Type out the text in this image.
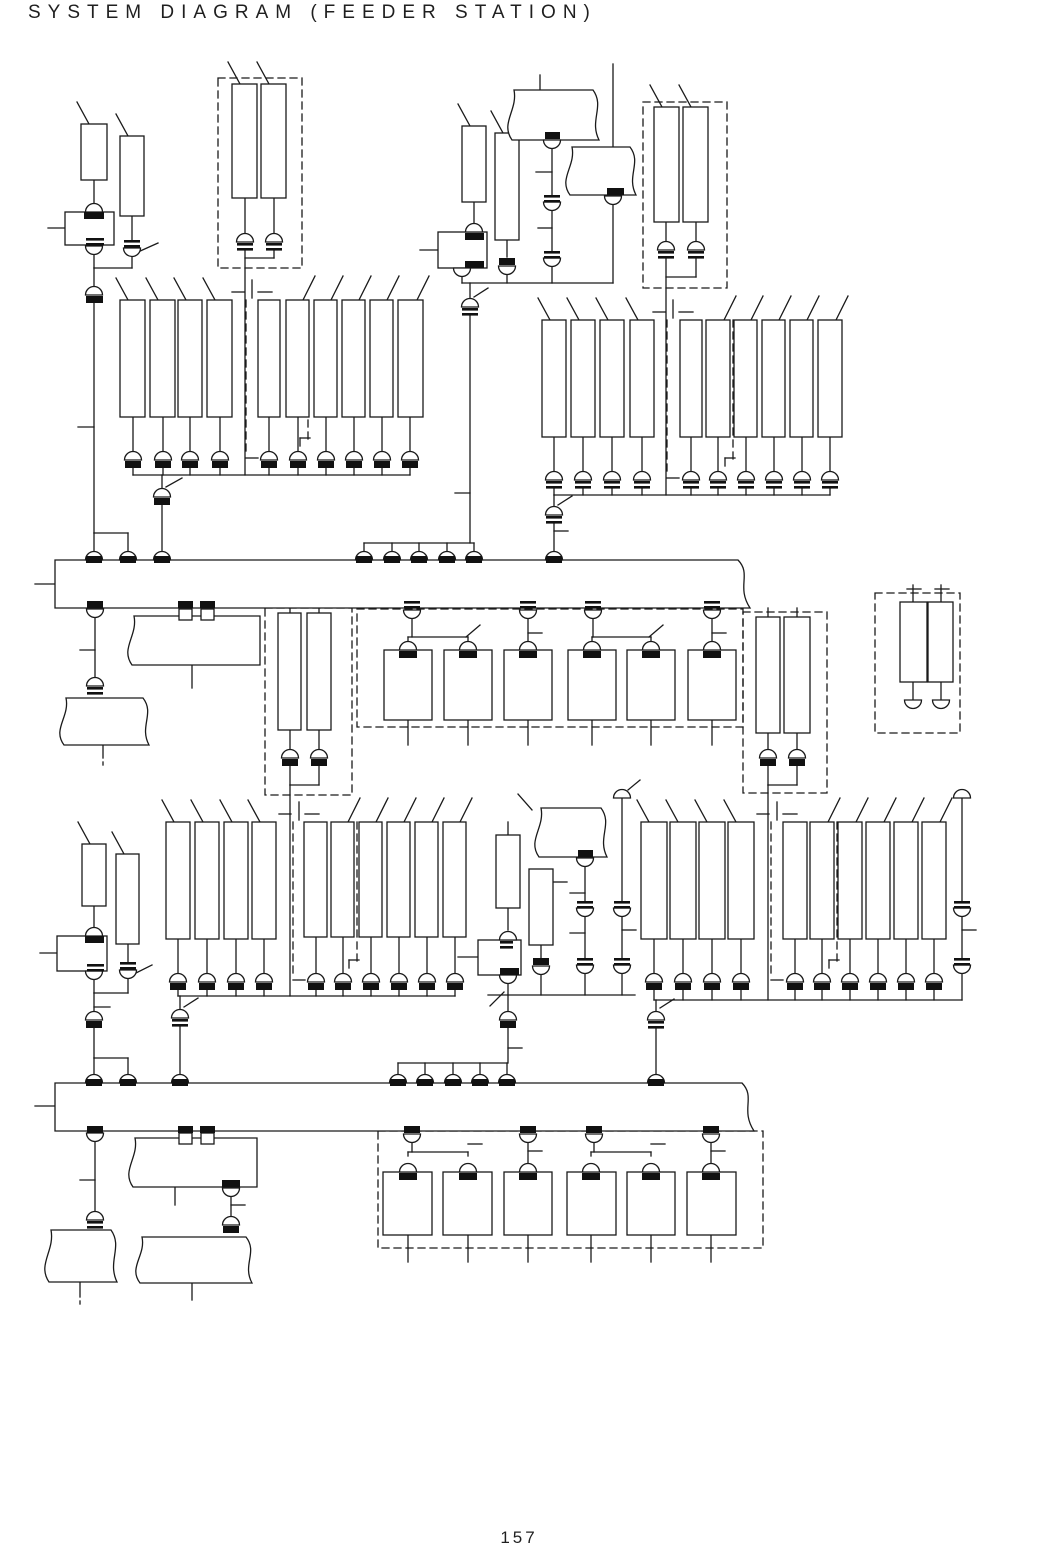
SYSTEM DIAGRAM (FEEDER STATION)
157
